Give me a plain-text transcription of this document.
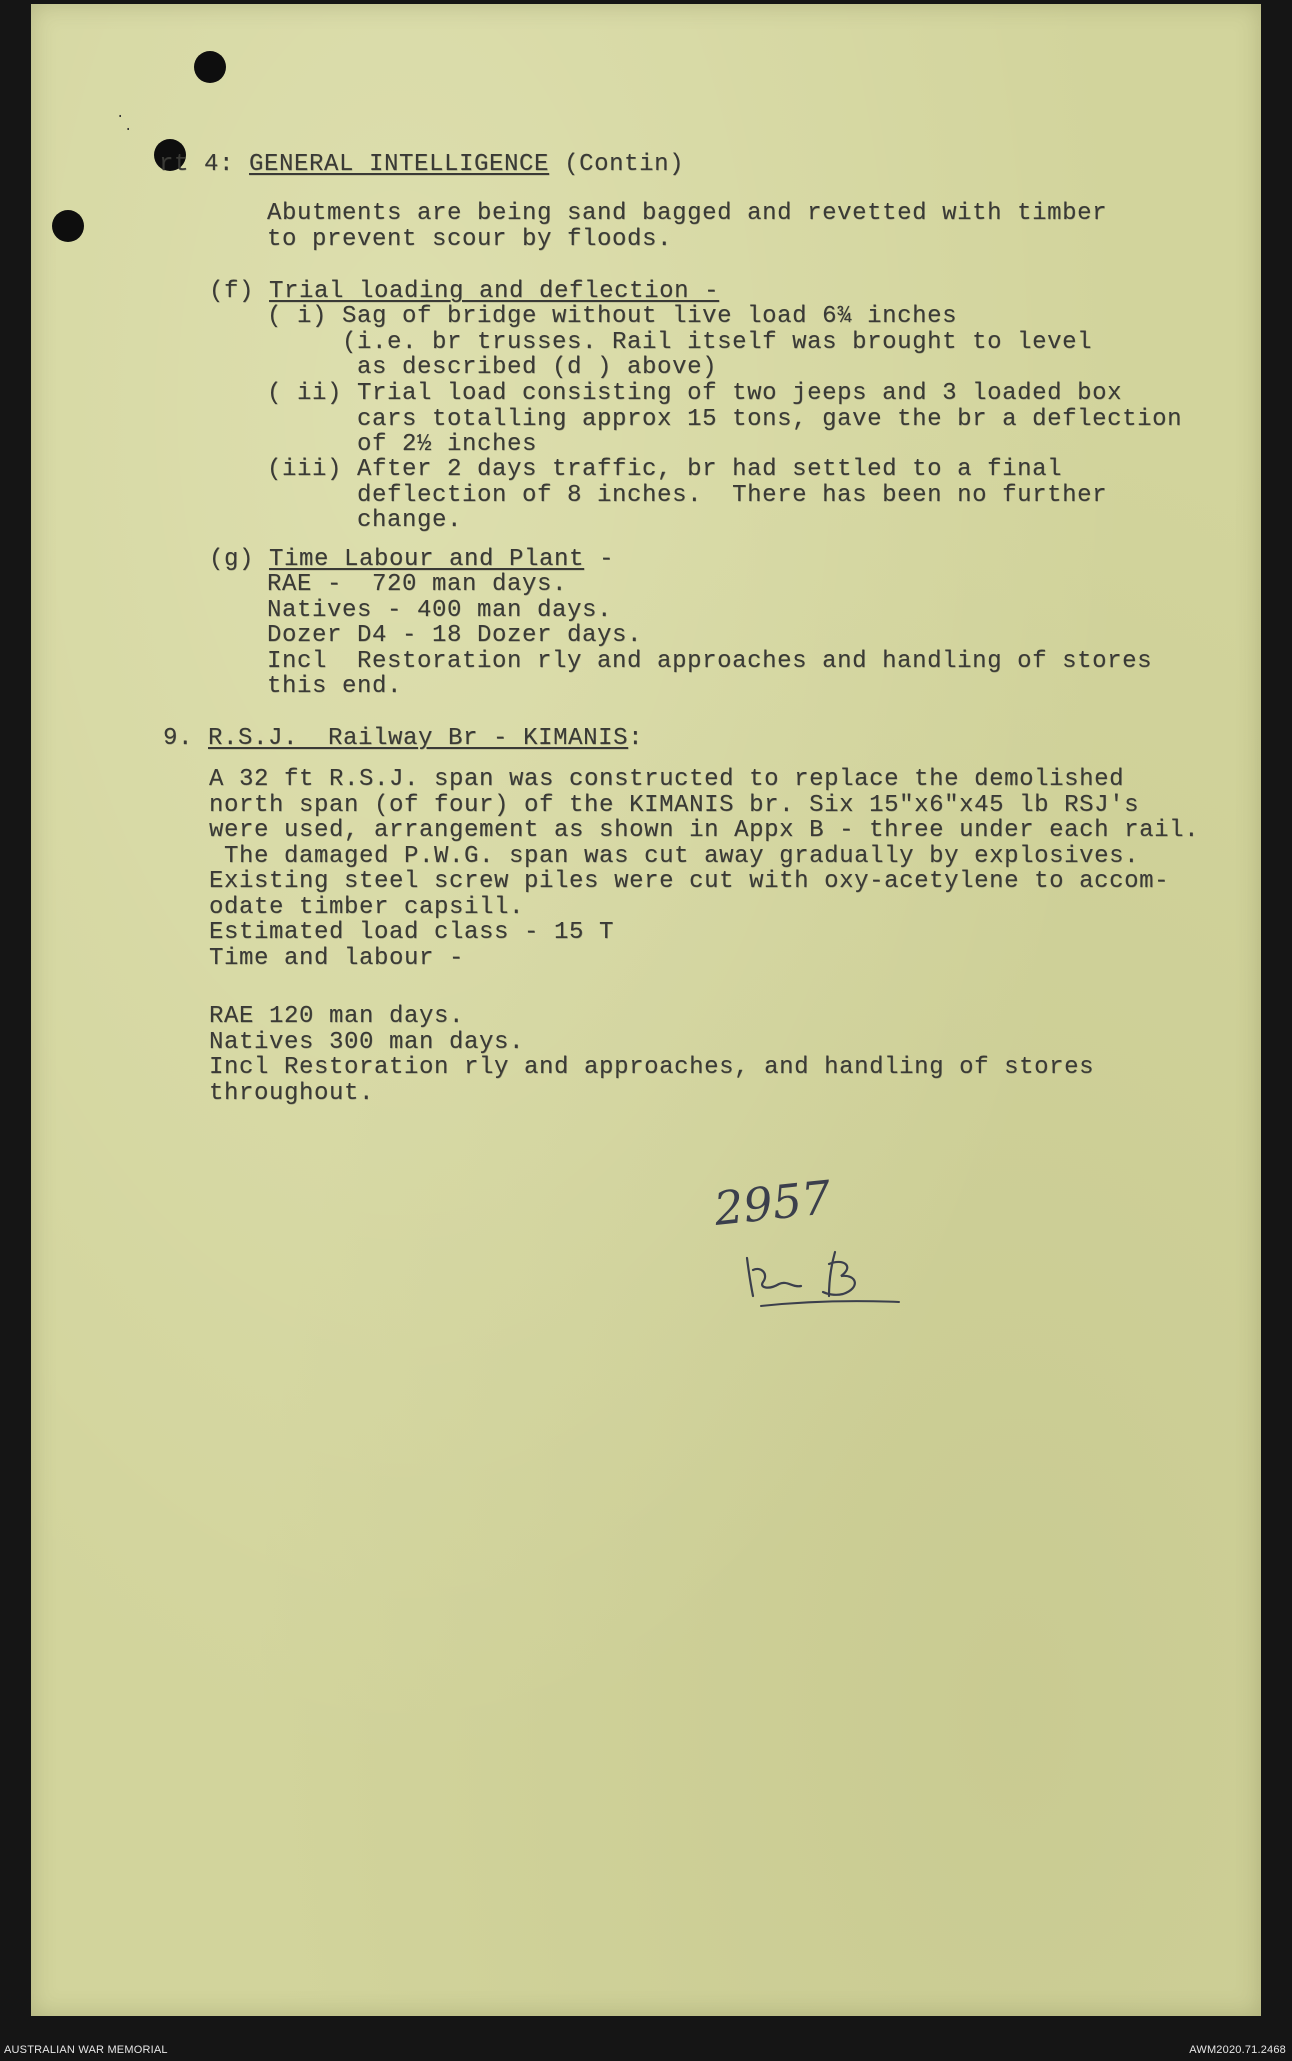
·
·
rt 4: GENERAL INTELLIGENCE (Contin)
Abutments are being sand bagged and revetted with timber
to prevent scour by floods.
(f) Trial loading and deflection -
( i) Sag of bridge without live load 6¾ inches
(i.e. br trusses. Rail itself was brought to level
as described (d ) above)
( ii) Trial load consisting of two jeeps and 3 loaded box
cars totalling approx 15 tons, gave the br a deflection
of 2½ inches
(iii) After 2 days traffic, br had settled to a final
deflection of 8 inches.  There has been no further
change.
(g) Time Labour and Plant -
RAE -  720 man days.
Natives - 400 man days.
Dozer D4 - 18 Dozer days.
Incl  Restoration rly and approaches and handling of stores
this end.
9. R.S.J.  Railway Br - KIMANIS:
A 32 ft R.S.J. span was constructed to replace the demolished
north span (of four) of the KIMANIS br. Six 15"x6"x45 lb RSJ's
were used, arrangement as shown in Appx B - three under each rail.
The damaged P.W.G. span was cut away gradually by explosives.
Existing steel screw piles were cut with oxy-acetylene to accom-
odate timber capsill.
Estimated load class - 15 T
Time and labour -
RAE 120 man days.
Natives 300 man days.
Incl Restoration rly and approaches, and handling of stores
throughout.
2957
AUSTRALIAN WAR MEMORIAL	AWM2020.71.2468
